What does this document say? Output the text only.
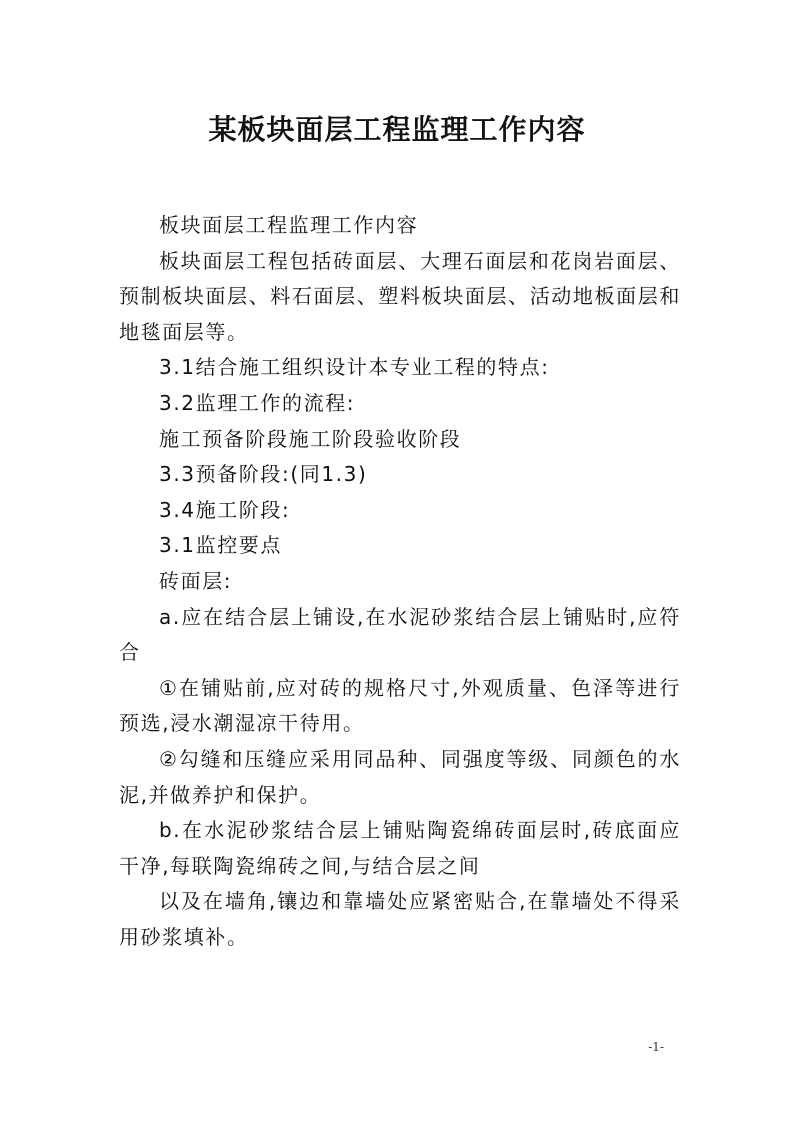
某板块面层工程监理工作内容

板块面层工程监理工作内容

板块面层工程包括砖面层、大理石面层和花岗岩面层、预制板块面层、料石面层、塑料板块面层、活动地板面层和地毯面层等。

3.1结合施工组织设计本专业工程的特点:

3.2监理工作的流程:

施工预备阶段施工阶段验收阶段

3.3预备阶段:(同1.3)

3.4施工阶段:

3.1监控要点

砖面层:

a.应在结合层上铺设,在水泥砂浆结合层上铺贴时,应符合

①在铺贴前,应对砖的规格尺寸,外观质量、色泽等进行预选,浸水潮湿凉干待用。

②勾缝和压缝应采用同品种、同强度等级、同颜色的水泥,并做养护和保护。

b.在水泥砂浆结合层上铺贴陶瓷绵砖面层时,砖底面应干净,每联陶瓷绵砖之间,与结合层之间

以及在墙角,镶边和靠墙处应紧密贴合,在靠墙处不得采用砂浆填补。

-1-
